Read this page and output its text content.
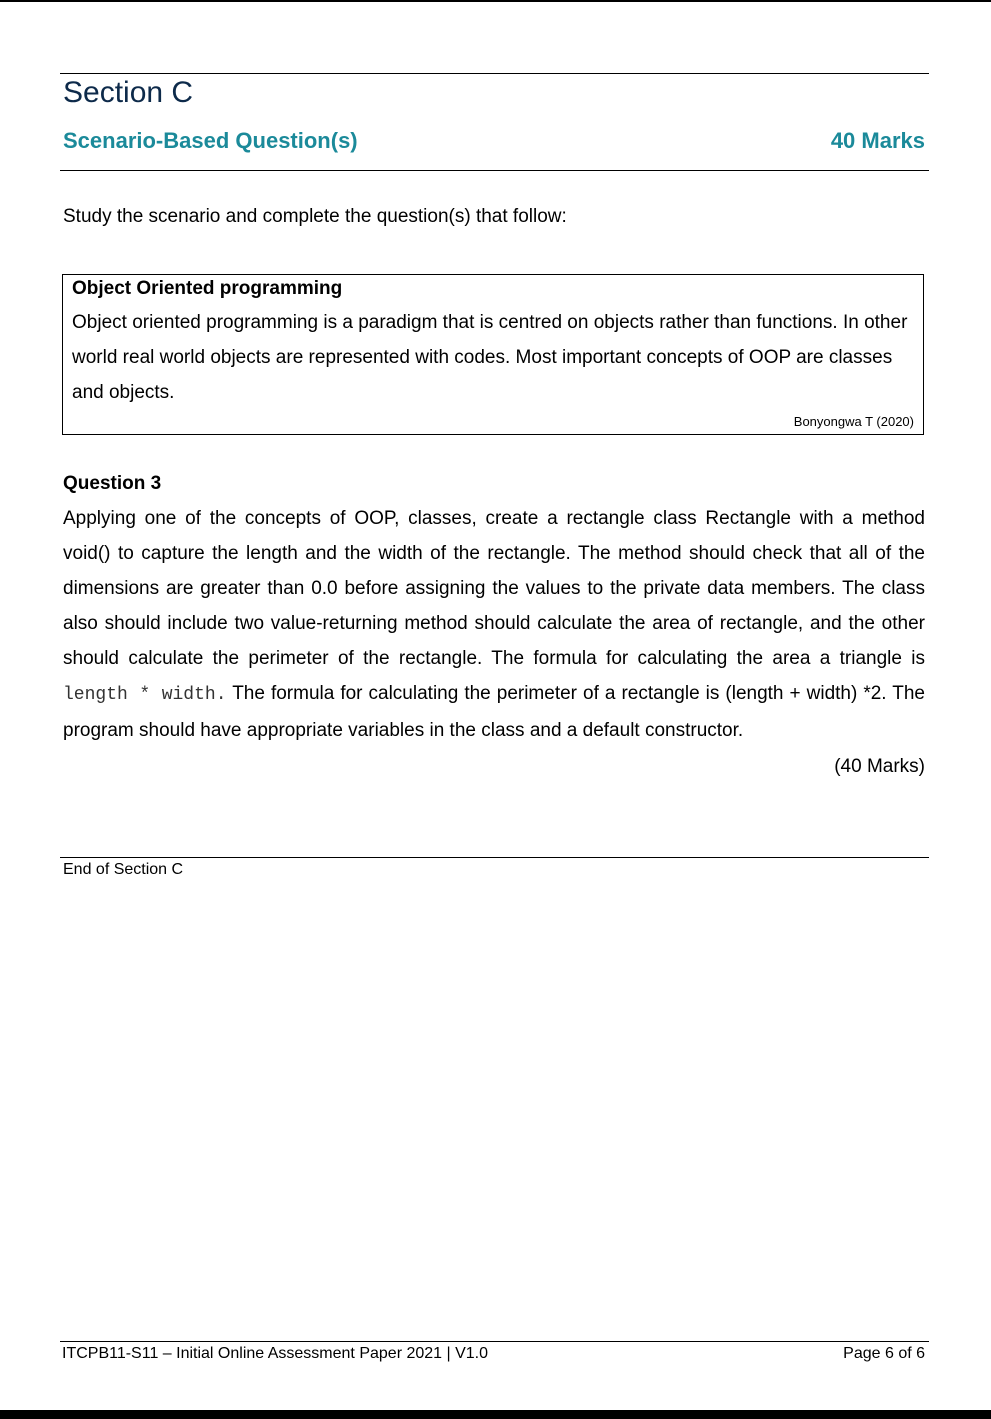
Section C
Scenario-Based Question(s)	40 Marks
Study the scenario and complete the question(s) that follow:
Object Oriented programming
Object oriented programming is a paradigm that is centred on objects rather than functions. In other world real world objects are represented with codes. Most important concepts of OOP are classes and objects.
Bonyongwa T (2020)
Question 3
Applying one of the concepts of OOP, classes, create a rectangle class Rectangle with a method void() to capture the length and the width of the rectangle. The method should check that all of the dimensions are greater than 0.0 before assigning the values to the private data members. The class also should include two value-returning method should calculate the area of rectangle, and the other should calculate the perimeter of the rectangle. The formula for calculating the area a triangle is length * width. The formula for calculating the perimeter of a rectangle is (length + width) *2. The program should have appropriate variables in the class and a default constructor.
(40 Marks)
End of Section C
ITCPB11-S11 – Initial Online Assessment Paper 2021 | V1.0	Page 6 of 6
